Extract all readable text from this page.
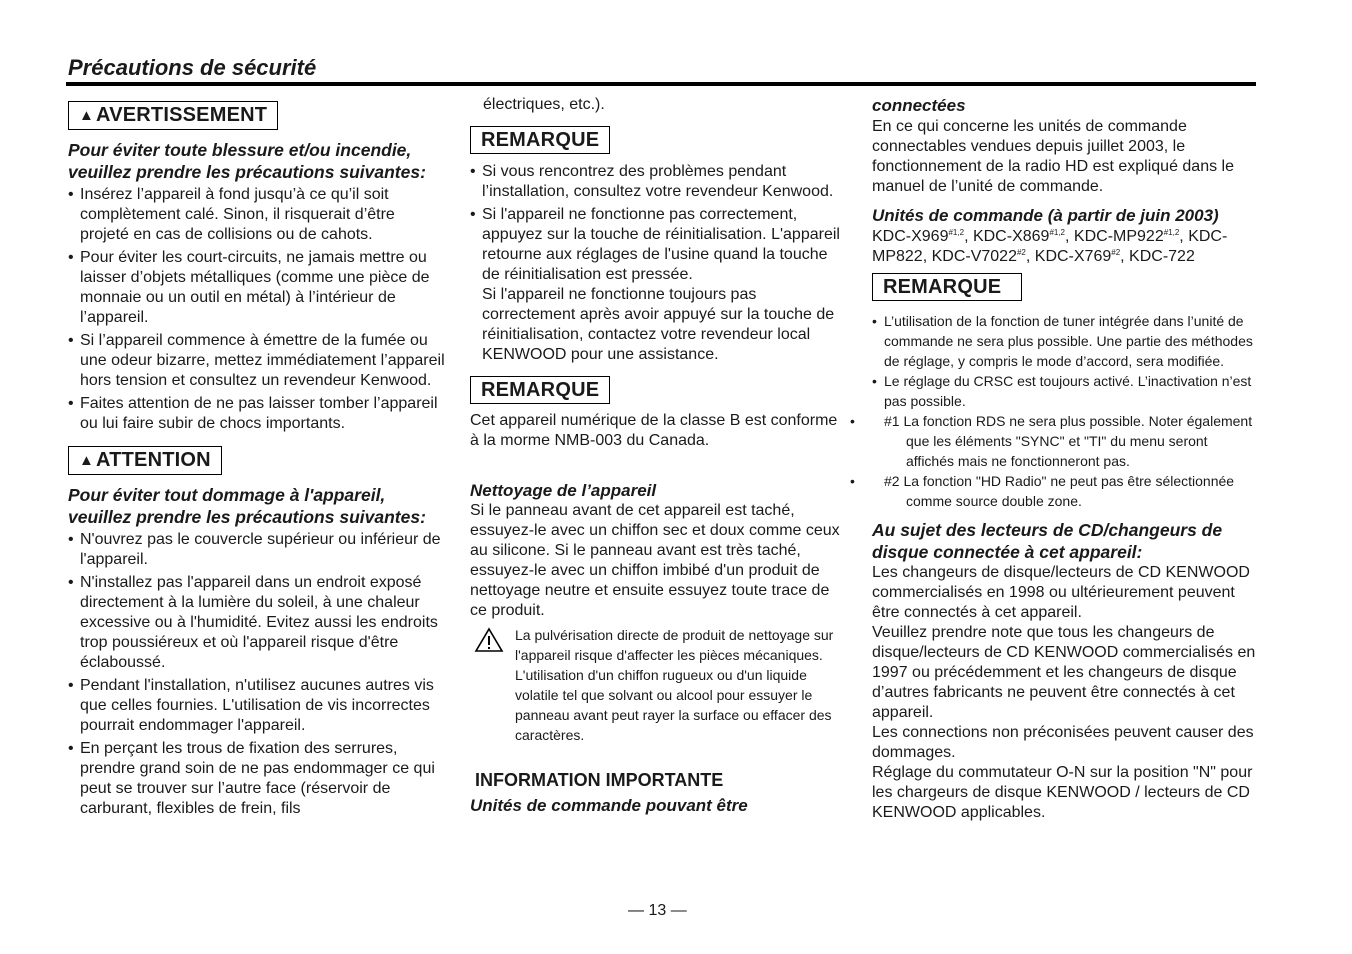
Précautions de sécurité
▲ AVERTISSEMENT
Pour éviter toute blessure et/ou incendie, veuillez prendre les précautions suivantes:
• Insérez l’appareil à fond jusqu’à ce qu’il soit complètement calé. Sinon, il risquerait d’être projeté en cas de collisions ou de cahots.
• Pour éviter les court-circuits, ne jamais mettre ou laisser d’objets métalliques (comme une pièce de monnaie ou un outil en métal) à l’intérieur de l’appareil.
• Si l’appareil commence à émettre de la fumée ou une odeur bizarre, mettez immédiatement l’appareil hors tension et consultez un revendeur Kenwood.
• Faites attention de ne pas laisser tomber l’appareil ou lui faire subir de chocs importants.
▲ ATTENTION
Pour éviter tout dommage à l'appareil, veuillez prendre les précautions suivantes:
• N'ouvrez pas le couvercle supérieur ou inférieur de l'appareil.
• N'installez pas l'appareil dans un endroit exposé directement à la lumière du soleil, à une chaleur excessive ou à l'humidité. Evitez aussi les endroits trop poussiéreux et où l'appareil risque d'être éclaboussé.
• Pendant l'installation, n'utilisez aucunes autres vis que celles fournies. L'utilisation de vis incorrectes pourrait endommager l'appareil.
• En perçant les trous de fixation des serrures, prendre grand soin de ne pas endommager ce qui peut se trouver sur l’autre face (réservoir de carburant, flexibles de frein, fils
électriques, etc.).
REMARQUE
• Si vous rencontrez des problèmes pendant l’installation, consultez votre revendeur Kenwood.
• Si l'appareil ne fonctionne pas correctement, appuyez sur la touche de réinitialisation. L'appareil retourne aux réglages de l'usine quand la touche de réinitialisation est pressée.
Si l'appareil ne fonctionne toujours pas correctement après avoir appuyé sur la touche de réinitialisation, contactez votre revendeur local KENWOOD pour une assistance.
REMARQUE
Cet appareil numérique de la classe B est conforme à la morme NMB-003 du Canada.
Nettoyage de l’appareil
Si le panneau avant de cet appareil est taché, essuyez-le avec un chiffon sec et doux comme ceux au silicone. Si le panneau avant est très taché, essuyez-le avec un chiffon imbibé d'un produit de nettoyage neutre et ensuite essuyez toute trace de ce produit.
La pulvérisation directe de produit de nettoyage sur l'appareil risque d'affecter les pièces mécaniques. L'utilisation d'un chiffon rugueux ou d'un liquide volatile tel que solvant ou alcool pour essuyer le panneau avant peut rayer la surface ou effacer des caractères.
INFORMATION IMPORTANTE
Unités de commande pouvant être
— 13 —
connectées
En ce qui concerne les unités de commande connectables vendues depuis juillet 2003, le fonctionnement de la radio HD est expliqué dans le manuel de l’unité de commande.
Unités de commande (à partir de juin 2003)
KDC-X969$^{\#1,2}$, KDC-X869$^{\#1,2}$, KDC-MP922$^{\#1,2}$, KDC-MP822, KDC-V7022$^{\#2}$, KDC-X769$^{\#2}$, KDC-722
REMARQUE
• L’utilisation de la fonction de tuner intégrée dans l’unité de commande ne sera plus possible. Une partie des méthodes de réglage, y compris le mode d’accord, sera modifiée.
• Le réglage du CRSC est toujours activé. L’inactivation n’est pas possible.
• #1 La fonction RDS ne sera plus possible. Noter également que les éléments "SYNC" et "TI" du menu seront affichés mais ne fonctionneront pas.
• #2 La fonction "HD Radio" ne peut pas être sélectionnée comme source double zone.
Au sujet des lecteurs de CD/changeurs de disque connectée à cet appareil:
Les changeurs de disque/lecteurs de CD KENWOOD commercialisés en 1998 ou ultérieurement peuvent être connectés à cet appareil.
Veuillez prendre note que tous les changeurs de disque/lecteurs de CD KENWOOD commercialisés en 1997 ou précédemment et les changeurs de disque d’autres fabricants ne peuvent être connectés à cet appareil.
Les connections non préconisées peuvent causer des dommages.
Réglage du commutateur O-N sur la position "N" pour les chargeurs de disque KENWOOD / lecteurs de CD KENWOOD applicables.
